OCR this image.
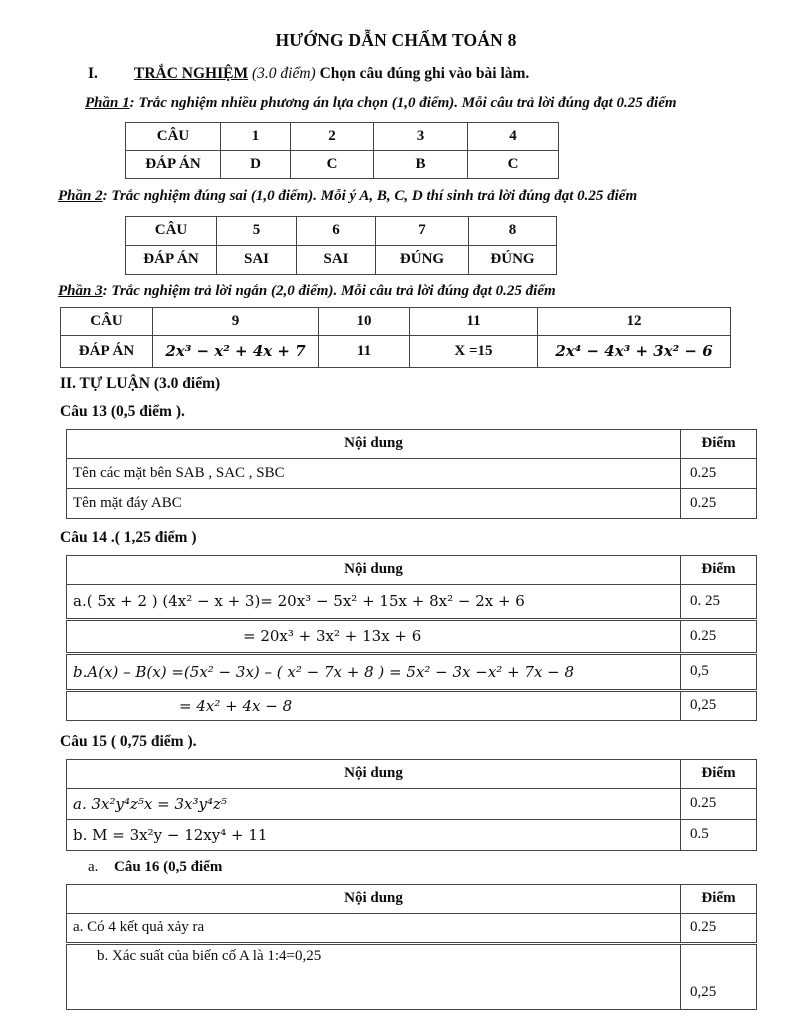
HƯỚNG DẪN CHẤM TOÁN 8
I. TRẮC NGHIỆM (3.0 điểm) Chọn câu đúng ghi vào bài làm.
Phần 1: Trắc nghiệm nhiều phương án lựa chọn (1,0 điểm). Mỗi câu trả lời đúng đạt 0.25 điểm
CÂU	1	2	3	4
ĐÁP ÁN	D	C	B	C
Phần 2: Trắc nghiệm đúng sai (1,0 điểm). Mỗi ý A, B, C, D thí sinh trả lời đúng đạt 0.25 điểm
CÂU	5	6	7	8
ĐÁP ÁN	SAI	SAI	ĐÚNG	ĐÚNG
Phần 3: Trắc nghiệm trả lời ngắn (2,0 điểm). Mỗi câu trả lời đúng đạt 0.25 điểm
CÂU	9	10	11	12
ĐÁP ÁN	2x³ − x² + 4x + 7	11	X =15	2x⁴ − 4x³ + 3x² − 6
II. TỰ LUẬN (3.0 điểm)
Câu 13 (0,5 điểm ).
Nội dung	Điểm
Tên các mặt bên SAB , SAC , SBC	0.25
Tên mặt đáy ABC	0.25
Câu 14 .( 1,25 điểm )
Nội dung	Điểm
a.( 5x + 2 ) (4x² − x + 3)= 20x³ − 5x² + 15x + 8x² − 2x + 6	0. 25
= 20x³ + 3x² + 13x + 6	0.25
b.A(x) – B(x) =(5x² − 3x) – ( x² − 7x + 8 ) = 5x² − 3x −x² + 7x − 8	0,5
= 4x² + 4x − 8	0,25
Câu 15 ( 0,75 điểm ).
Nội dung	Điểm
a. 3x²y⁴z⁵x = 3x³y⁴z⁵	0.25
b. M = 3x²y − 12xy⁴ + 11	0.5
a. Câu 16 (0,5 điểm
Nội dung	Điểm
a. Có 4 kết quả xảy ra	0.25
b. Xác suất của biến cố A là 1:4=0,25	0,25
